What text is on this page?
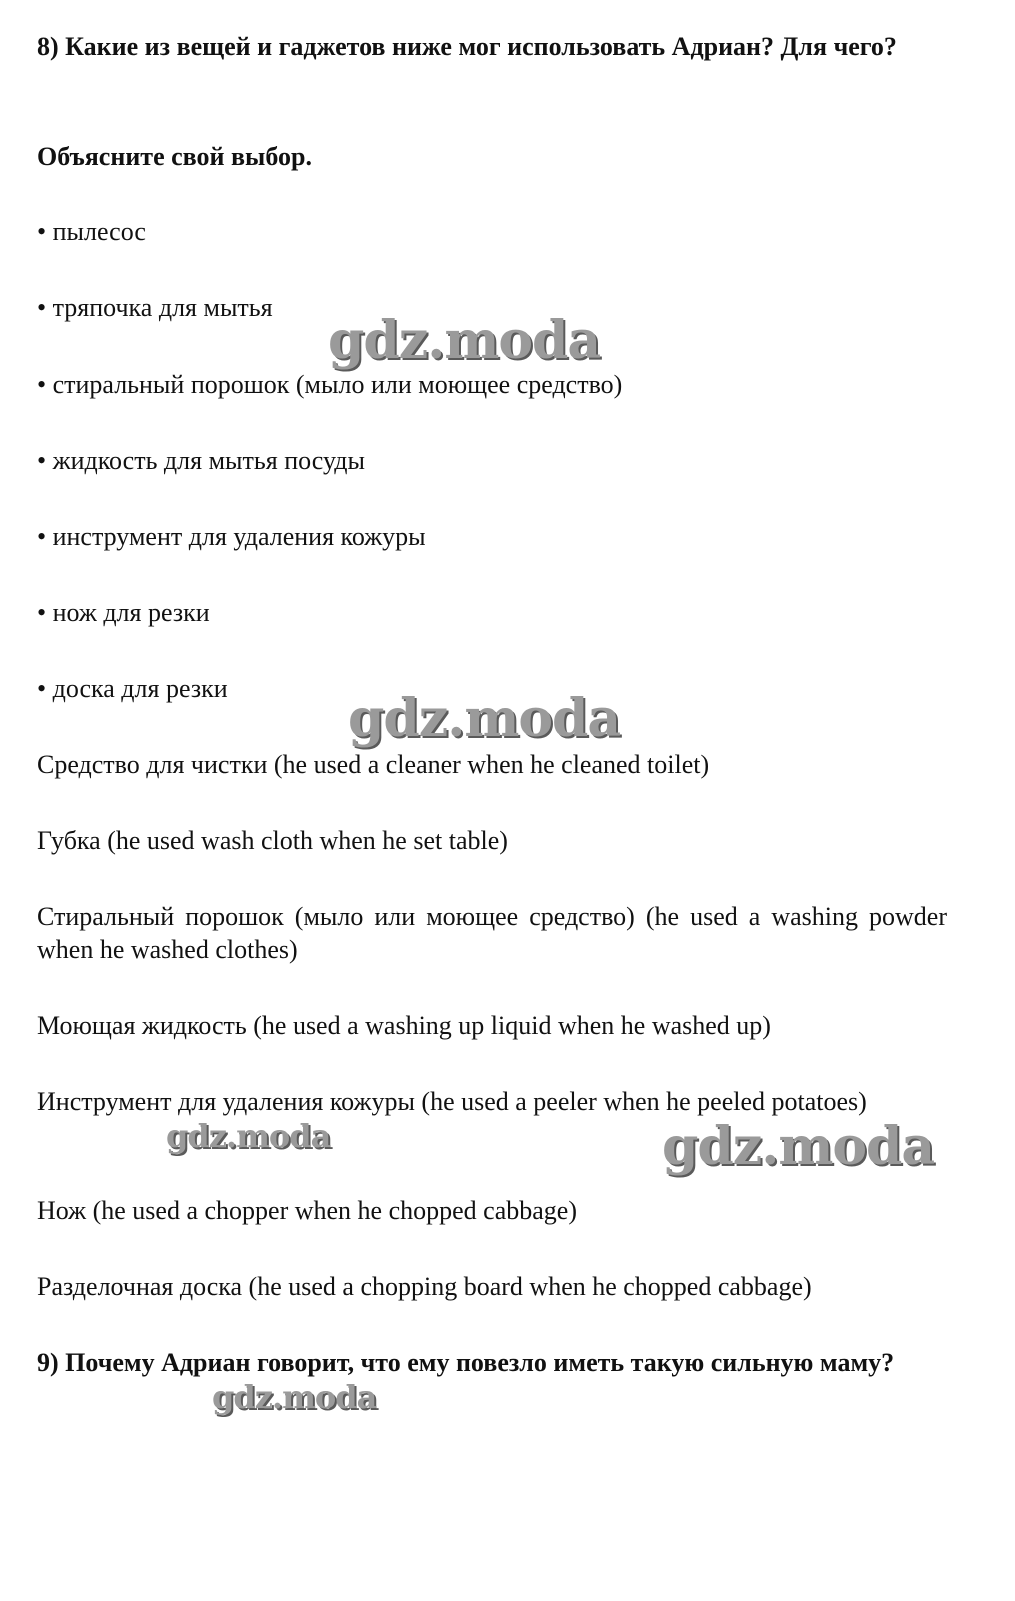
8) Какие из вещей и гаджетов ниже мог использовать Адриан? Для чего?

Объясните свой выбор.

• пылесос

• тряпочка для мытья

• стиральный порошок (мыло или моющее средство)

• жидкость для мытья посуды

• инструмент для удаления кожуры

• нож для резки

• доска для резки

Средство для чистки (he used a cleaner when he cleaned toilet)

Губка (he used wash cloth when he set table)

Стиральный порошок (мыло или моющее средство) (he used a washing powder when he washed clothes)

Моющая жидкость (he used a washing up liquid when he washed up)

Инструмент для удаления кожуры (he used a peeler when he peeled potatoes)

Нож (he used a chopper when he chopped cabbage)

Разделочная доска (he used a chopping board when he chopped cabbage)

9) Почему Адриан говорит, что ему повезло иметь такую сильную маму?

gdz.moda
gdz.moda
gdz.moda	gdz.moda
gdz.moda
